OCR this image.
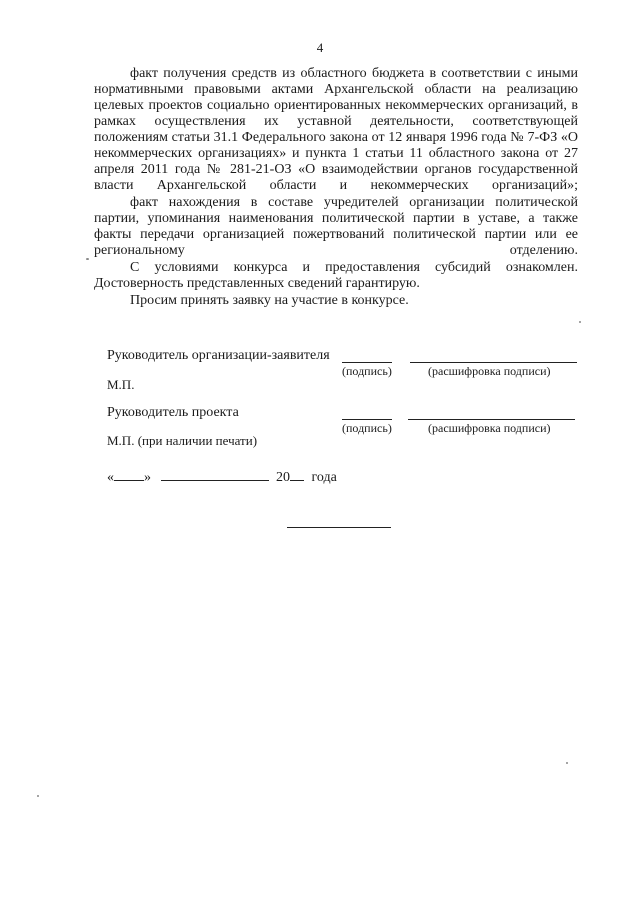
4

факт получения средств из областного бюджета в соответствии с иными нормативными правовыми актами Архангельской области на реализацию целевых проектов социально ориентированных некоммерческих организаций, в рамках осуществления их уставной деятельности, соответствующей положениям статьи 31.1 Федерального закона от 12 января 1996 года № 7-ФЗ «О некоммерческих организациях» и пункта 1 статьи 11 областного закона от 27 апреля 2011 года № 281-21-ОЗ «О взаимодействии органов государственной власти Архангельской области и некоммерческих организаций»;

факт нахождения в составе учредителей организации политической партии, упоминания наименования политической партии в уставе, а также факты передачи организацией пожертвований политической партии или ее региональному отделению.

С условиями конкурса и предоставления субсидий ознакомлен. Достоверность представленных сведений гарантирую.

Просим принять заявку на участие в конкурсе.

Руководитель организации-заявителя
(подпись)	(расшифровка подписи)
М.П.
Руководитель проекта
(подпись)	(расшифровка подписи)
М.П. (при наличии печати)
« »	20 года
